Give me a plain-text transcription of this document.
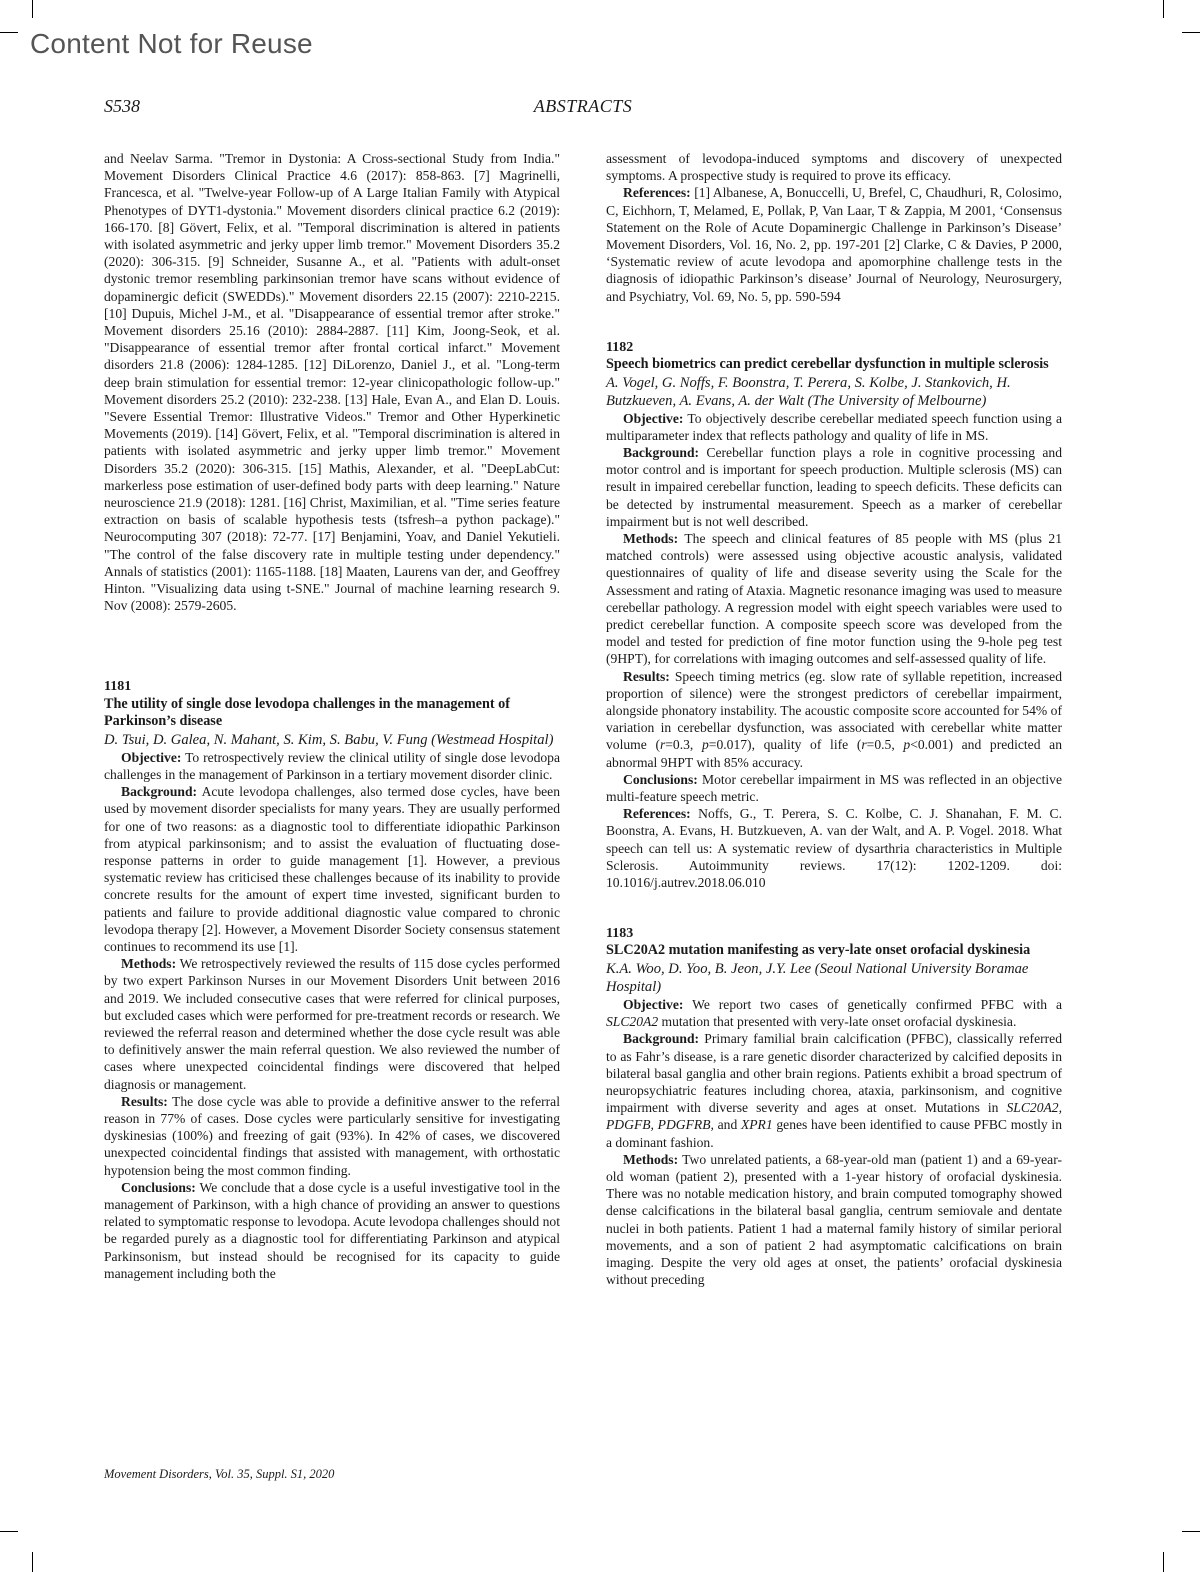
Content Not for Reuse
S538	ABSTRACTS

and Neelav Sarma. "Tremor in Dystonia: A Cross-sectional Study from India." Movement Disorders Clinical Practice 4.6 (2017): 858-863. [7] Magrinelli, Francesca, et al. "Twelve-year Follow-up of A Large Italian Family with Atypical Phenotypes of DYT1-dystonia." Movement disorders clinical practice 6.2 (2019): 166-170. [8] Gövert, Felix, et al. "Temporal discrimination is altered in patients with isolated asymmetric and jerky upper limb tremor." Movement Disorders 35.2 (2020): 306-315. [9] Schneider, Susanne A., et al. "Patients with adult-onset dystonic tremor resembling parkinsonian tremor have scans without evidence of dopaminergic deficit (SWEDDs)." Movement disorders 22.15 (2007): 2210-2215. [10] Dupuis, Michel J-M., et al. "Disappearance of essential tremor after stroke." Movement disorders 25.16 (2010): 2884-2887. [11] Kim, Joong-Seok, et al. "Disappearance of essential tremor after frontal cortical infarct." Movement disorders 21.8 (2006): 1284-1285. [12] DiLorenzo, Daniel J., et al. "Long-term deep brain stimulation for essential tremor: 12-year clinicopathologic follow-up." Movement disorders 25.2 (2010): 232-238. [13] Hale, Evan A., and Elan D. Louis. "Severe Essential Tremor: Illustrative Videos." Tremor and Other Hyperkinetic Movements (2019). [14] Gövert, Felix, et al. "Temporal discrimination is altered in patients with isolated asymmetric and jerky upper limb tremor." Movement Disorders 35.2 (2020): 306-315. [15] Mathis, Alexander, et al. "DeepLabCut: markerless pose estimation of user-defined body parts with deep learning." Nature neuroscience 21.9 (2018): 1281. [16] Christ, Maximilian, et al. "Time series feature extraction on basis of scalable hypothesis tests (tsfresh–a python package)." Neurocomputing 307 (2018): 72-77. [17] Benjamini, Yoav, and Daniel Yekutieli. "The control of the false discovery rate in multiple testing under dependency." Annals of statistics (2001): 1165-1188. [18] Maaten, Laurens van der, and Geoffrey Hinton. "Visualizing data using t-SNE." Journal of machine learning research 9. Nov (2008): 2579-2605.

1181

The utility of single dose levodopa challenges in the management of Parkinson’s disease

D. Tsui, D. Galea, N. Mahant, S. Kim, S. Babu, V. Fung (Westmead Hospital)

Objective: To retrospectively review the clinical utility of single dose levodopa challenges in the management of Parkinson in a tertiary movement disorder clinic.

Background: Acute levodopa challenges, also termed dose cycles, have been used by movement disorder specialists for many years. They are usually performed for one of two reasons: as a diagnostic tool to differentiate idiopathic Parkinson from atypical parkinsonism; and to assist the evaluation of fluctuating dose-response patterns in order to guide management [1]. However, a previous systematic review has criticised these challenges because of its inability to provide concrete results for the amount of expert time invested, significant burden to patients and failure to provide additional diagnostic value compared to chronic levodopa therapy [2]. However, a Movement Disorder Society consensus statement continues to recommend its use [1].

Methods: We retrospectively reviewed the results of 115 dose cycles performed by two expert Parkinson Nurses in our Movement Disorders Unit between 2016 and 2019. We included consecutive cases that were referred for clinical purposes, but excluded cases which were performed for pre-treatment records or research. We reviewed the referral reason and determined whether the dose cycle result was able to definitively answer the main referral question. We also reviewed the number of cases where unexpected coincidental findings were discovered that helped diagnosis or management.

Results: The dose cycle was able to provide a definitive answer to the referral reason in 77% of cases. Dose cycles were particularly sensitive for investigating dyskinesias (100%) and freezing of gait (93%). In 42% of cases, we discovered unexpected coincidental findings that assisted with management, with orthostatic hypotension being the most common finding.

Conclusions: We conclude that a dose cycle is a useful investigative tool in the management of Parkinson, with a high chance of providing an answer to questions related to symptomatic response to levodopa. Acute levodopa challenges should not be regarded purely as a diagnostic tool for differentiating Parkinson and atypical Parkinsonism, but instead should be recognised for its capacity to guide management including both the

assessment of levodopa-induced symptoms and discovery of unexpected symptoms. A prospective study is required to prove its efficacy.

References: [1] Albanese, A, Bonuccelli, U, Brefel, C, Chaudhuri, R, Colosimo, C, Eichhorn, T, Melamed, E, Pollak, P, Van Laar, T & Zappia, M 2001, ‘Consensus Statement on the Role of Acute Dopaminergic Challenge in Parkinson’s Disease’ Movement Disorders, Vol. 16, No. 2, pp. 197-201 [2] Clarke, C & Davies, P 2000, ‘Systematic review of acute levodopa and apomorphine challenge tests in the diagnosis of idiopathic Parkinson’s disease’ Journal of Neurology, Neurosurgery, and Psychiatry, Vol. 69, No. 5, pp. 590-594

1182

Speech biometrics can predict cerebellar dysfunction in multiple sclerosis

A. Vogel, G. Noffs, F. Boonstra, T. Perera, S. Kolbe, J. Stankovich, H. Butzkueven, A. Evans, A. der Walt (The University of Melbourne)

Objective: To objectively describe cerebellar mediated speech function using a multiparameter index that reflects pathology and quality of life in MS.

Background: Cerebellar function plays a role in cognitive processing and motor control and is important for speech production. Multiple sclerosis (MS) can result in impaired cerebellar function, leading to speech deficits. These deficits can be detected by instrumental measurement. Speech as a marker of cerebellar impairment but is not well described.

Methods: The speech and clinical features of 85 people with MS (plus 21 matched controls) were assessed using objective acoustic analysis, validated questionnaires of quality of life and disease severity using the Scale for the Assessment and rating of Ataxia. Magnetic resonance imaging was used to measure cerebellar pathology. A regression model with eight speech variables were used to predict cerebellar function. A composite speech score was developed from the model and tested for prediction of fine motor function using the 9-hole peg test (9HPT), for correlations with imaging outcomes and self-assessed quality of life.

Results: Speech timing metrics (eg. slow rate of syllable repetition, increased proportion of silence) were the strongest predictors of cerebellar impairment, alongside phonatory instability. The acoustic composite score accounted for 54% of variation in cerebellar dysfunction, was associated with cerebellar white matter volume (r=0.3, p=0.017), quality of life (r=0.5, p<0.001) and predicted an abnormal 9HPT with 85% accuracy.

Conclusions: Motor cerebellar impairment in MS was reflected in an objective multi-feature speech metric.

References: Noffs, G., T. Perera, S. C. Kolbe, C. J. Shanahan, F. M. C. Boonstra, A. Evans, H. Butzkueven, A. van der Walt, and A. P. Vogel. 2018. What speech can tell us: A systematic review of dysarthria characteristics in Multiple Sclerosis. Autoimmunity reviews. 17(12): 1202-1209. doi: 10.1016/j.autrev.2018.06.010

1183

SLC20A2 mutation manifesting as very-late onset orofacial dyskinesia

K.A. Woo, D. Yoo, B. Jeon, J.Y. Lee (Seoul National University Boramae Hospital)

Objective: We report two cases of genetically confirmed PFBC with a SLC20A2 mutation that presented with very-late onset orofacial dyskinesia.

Background: Primary familial brain calcification (PFBC), classically referred to as Fahr’s disease, is a rare genetic disorder characterized by calcified deposits in bilateral basal ganglia and other brain regions. Patients exhibit a broad spectrum of neuropsychiatric features including chorea, ataxia, parkinsonism, and cognitive impairment with diverse severity and ages at onset. Mutations in SLC20A2, PDGFB, PDGFRB, and XPR1 genes have been identified to cause PFBC mostly in a dominant fashion.

Methods: Two unrelated patients, a 68-year-old man (patient 1) and a 69-year-old woman (patient 2), presented with a 1-year history of orofacial dyskinesia. There was no notable medication history, and brain computed tomography showed dense calcifications in the bilateral basal ganglia, centrum semiovale and dentate nuclei in both patients. Patient 1 had a maternal family history of similar perioral movements, and a son of patient 2 had asymptomatic calcifications on brain imaging. Despite the very old ages at onset, the patients’ orofacial dyskinesia without preceding

Movement Disorders, Vol. 35, Suppl. S1, 2020
